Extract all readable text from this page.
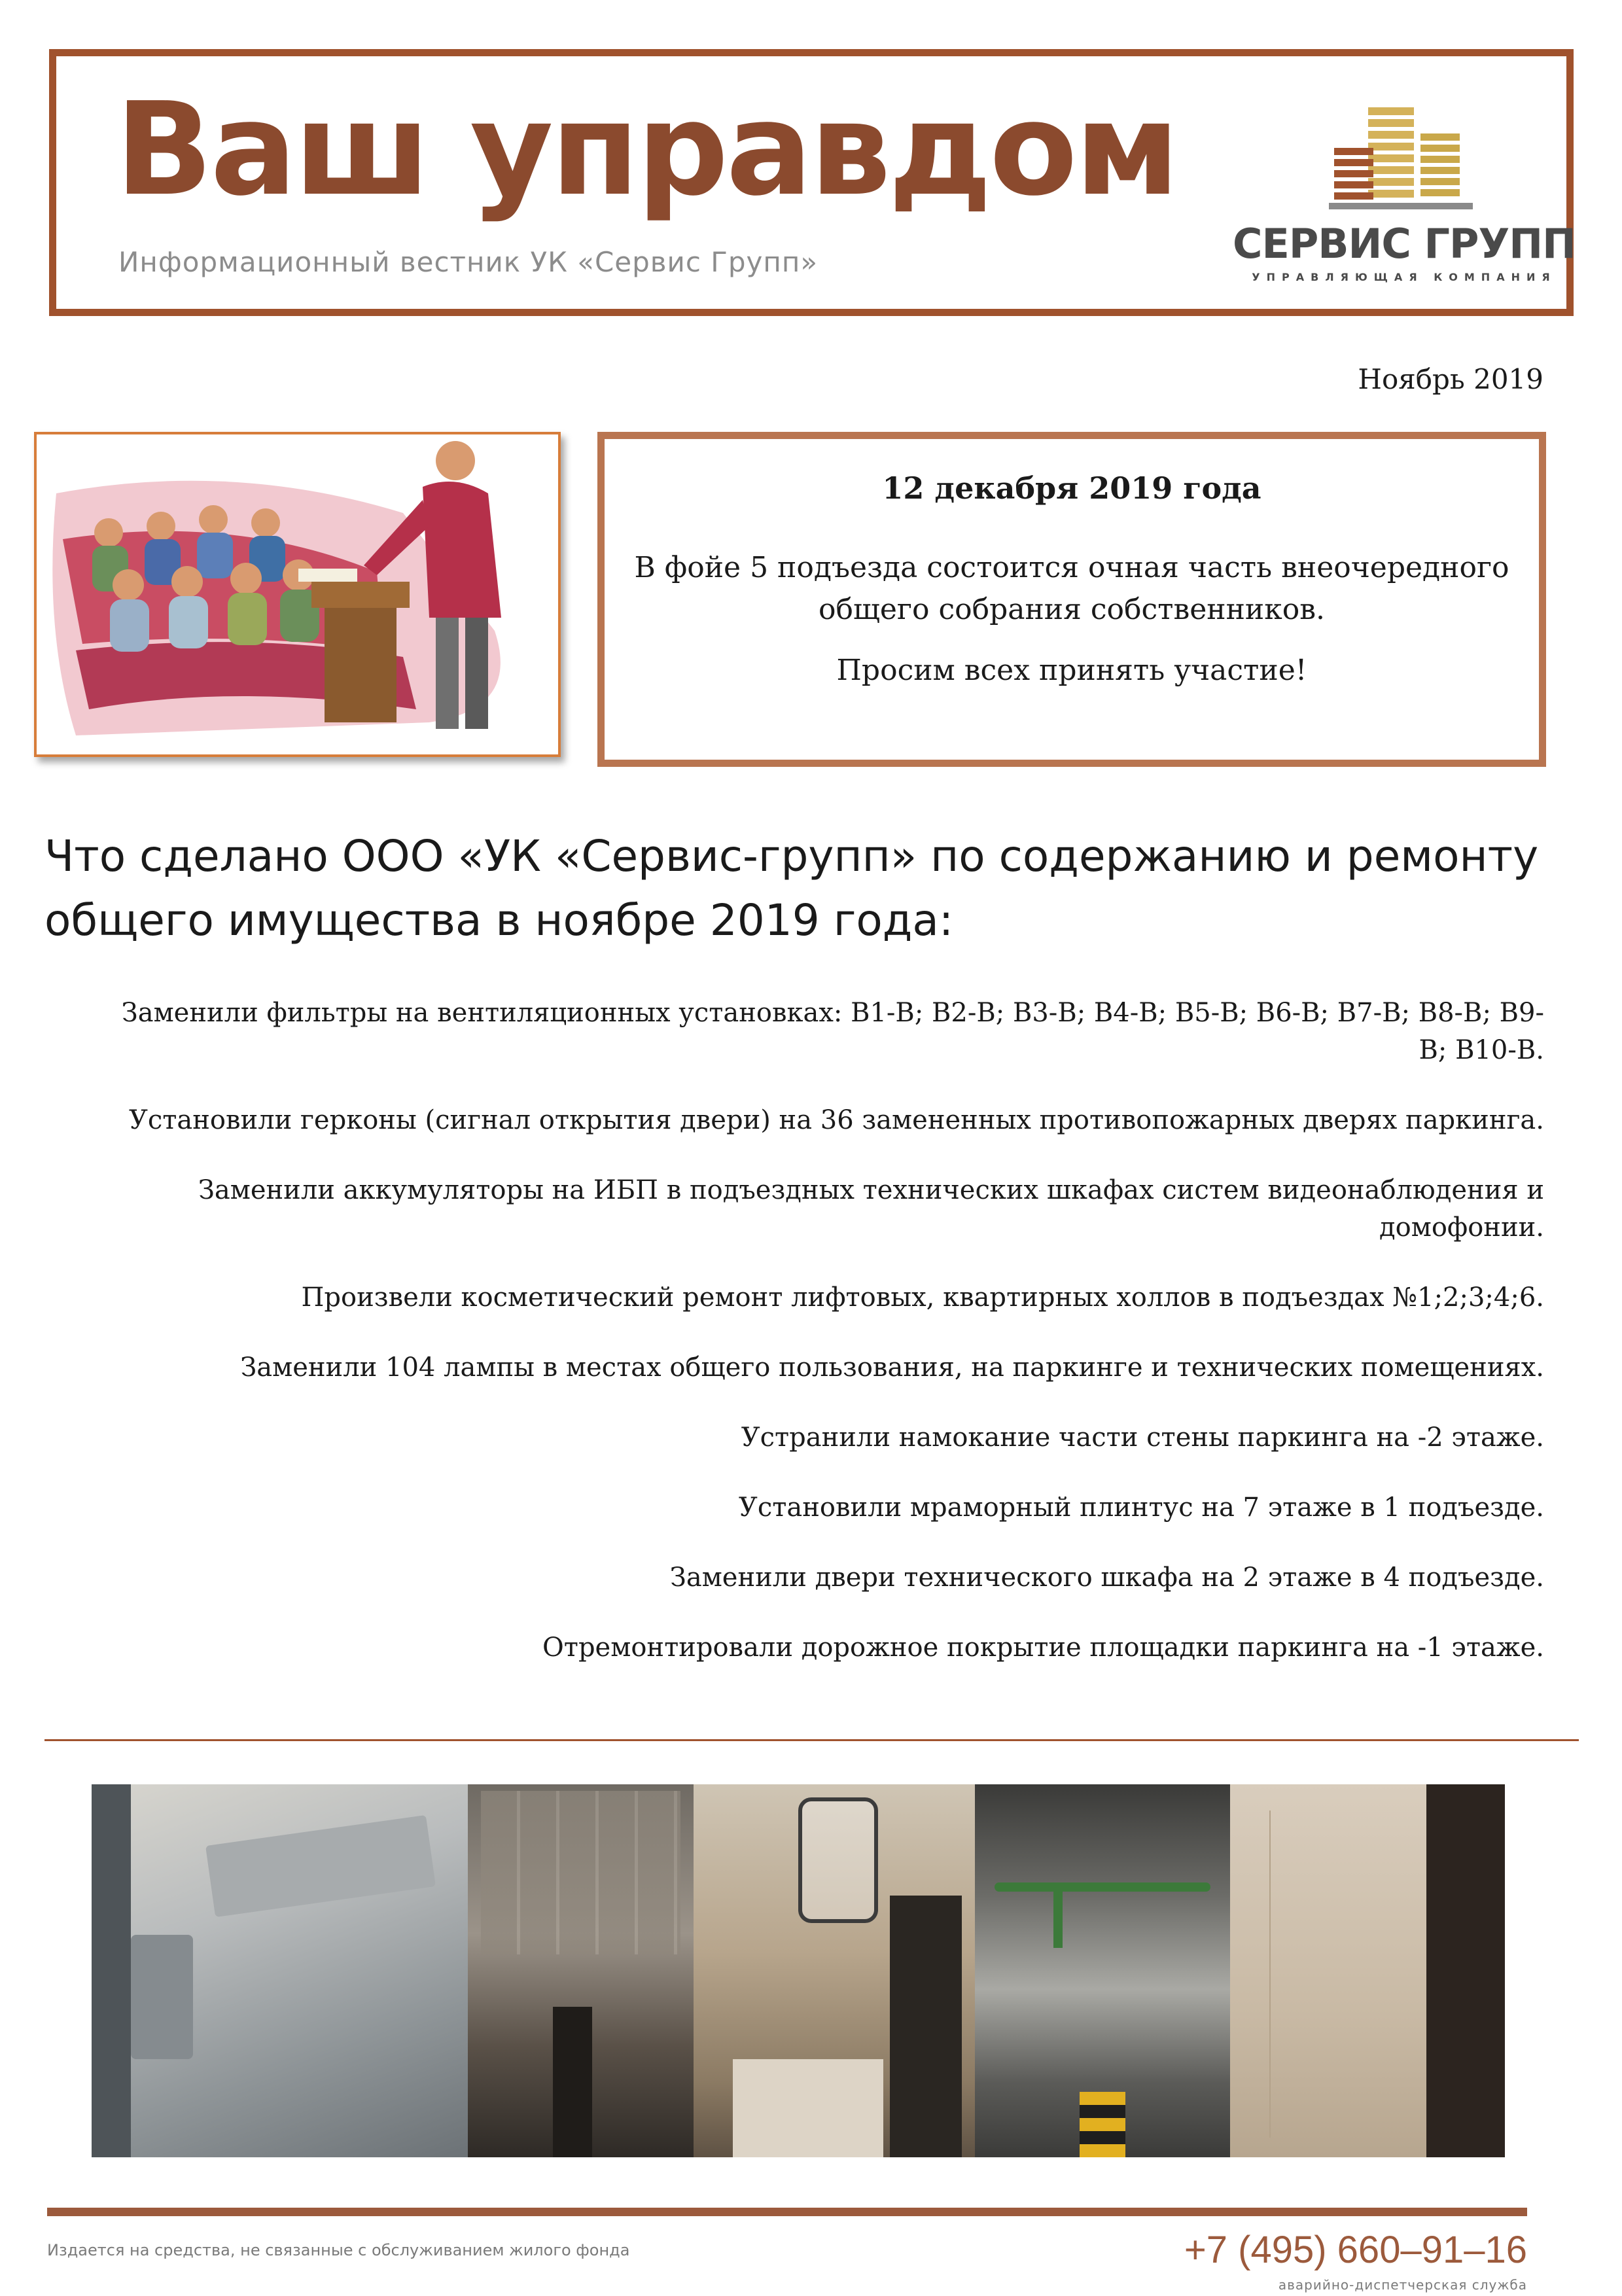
Ваш управдом
Информационный вестник УК «Сервис Групп»	СЕРВИС ГРУПП
УПРАВЛЯЮЩАЯ КОМПАНИЯ
Ноябрь 2019
12 декабря 2019 года
В фойе 5 подъезда состоится очная часть внеочередного общего собрания собственников.
Просим всех принять участие!
Что сделано ООО «УК «Сервис-групп» по содержанию и ремонту общего имущества в ноябре 2019 года:
Заменили фильтры на вентиляционных установках: В1-В; В2-В; В3-В; В4-В; В5-В; В6-В; В7-В; В8-В; В9-В; В10-В.
Установили герконы (сигнал открытия двери) на 36 замененных противопожарных дверях паркинга.
Заменили аккумуляторы на ИБП в подъездных технических шкафах систем видеонаблюдения и домофонии.
Произвели косметический ремонт лифтовых, квартирных холлов в подъездах №1;2;3;4;6.
Заменили 104 лампы в местах общего пользования, на паркинге и технических помещениях.
Устранили намокание части стены паркинга на -2 этаже.
Установили мраморный плинтус на 7 этаже в 1 подъезде.
Заменили двери технического шкафа на 2 этаже в 4 подъезде.
Отремонтировали дорожное покрытие площадки паркинга на -1 этаже.
Издается на средства, не связанные с обслуживанием жилого фонда	+7 (495) 660–91–16
аварийно-диспетчерская служба
